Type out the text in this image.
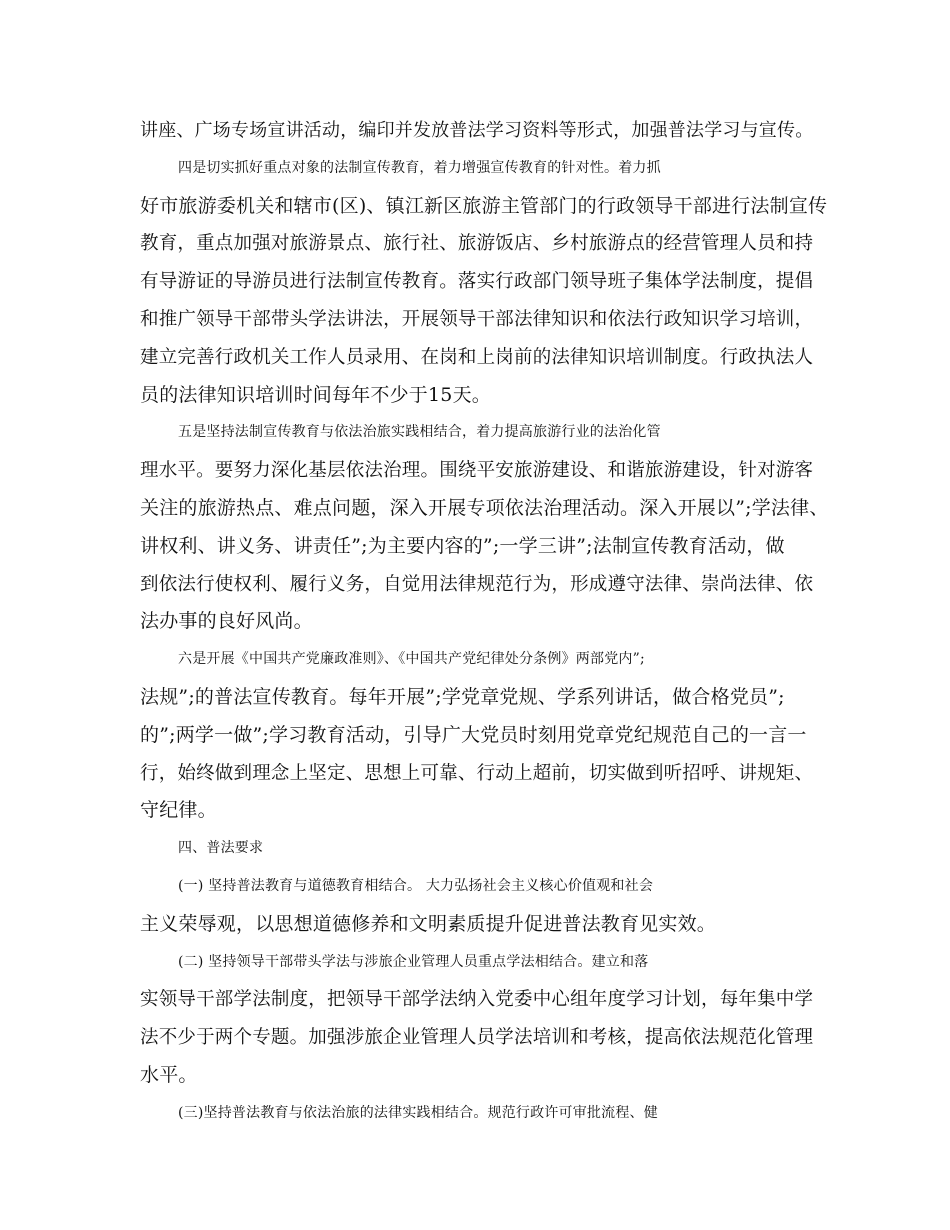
讲座、广场专场宣讲活动，编印并发放普法学习资料等形式，加强普法学习与宣传。
四是切实抓好重点对象的法制宣传教育，着力增强宣传教育的针对性。着力抓
好市旅游委机关和辖市(区)、镇江新区旅游主管部门的行政领导干部进行法制宣传
教育，重点加强对旅游景点、旅行社、旅游饭店、乡村旅游点的经营管理人员和持
有导游证的导游员进行法制宣传教育。落实行政部门领导班子集体学法制度，提倡
和推广领导干部带头学法讲法，开展领导干部法律知识和依法行政知识学习培训，
建立完善行政机关工作人员录用、在岗和上岗前的法律知识培训制度。行政执法人
员的法律知识培训时间每年不少于15天。
五是坚持法制宣传教育与依法治旅实践相结合，着力提高旅游行业的法治化管
理水平。要努力深化基层依法治理。围绕平安旅游建设、和谐旅游建设，针对游客
关注的旅游热点、难点问题，深入开展专项依法治理活动。深入开展以”;学法律、
讲权利、讲义务、讲责任”;为主要内容的”;一学三讲”;法制宣传教育活动，做
到依法行使权利、履行义务，自觉用法律规范行为，形成遵守法律、崇尚法律、依
法办事的良好风尚。
六是开展《中国共产党廉政准则》、《中国共产党纪律处分条例》两部党内”;
法规”;的普法宣传教育。每年开展”;学党章党规、学系列讲话，做合格党员”;
的”;两学一做”;学习教育活动，引导广大党员时刻用党章党纪规范自己的一言一
行，始终做到理念上坚定、思想上可靠、行动上超前，切实做到听招呼、讲规矩、
守纪律。
四、普法要求
(一) 坚持普法教育与道德教育相结合。 大力弘扬社会主义核心价值观和社会
主义荣辱观，以思想道德修养和文明素质提升促进普法教育见实效。
(二) 坚持领导干部带头学法与涉旅企业管理人员重点学法相结合。建立和落
实领导干部学法制度，把领导干部学法纳入党委中心组年度学习计划，每年集中学
法不少于两个专题。加强涉旅企业管理人员学法培训和考核，提高依法规范化管理
水平。
(三)坚持普法教育与依法治旅的法律实践相结合。规范行政许可审批流程、健
